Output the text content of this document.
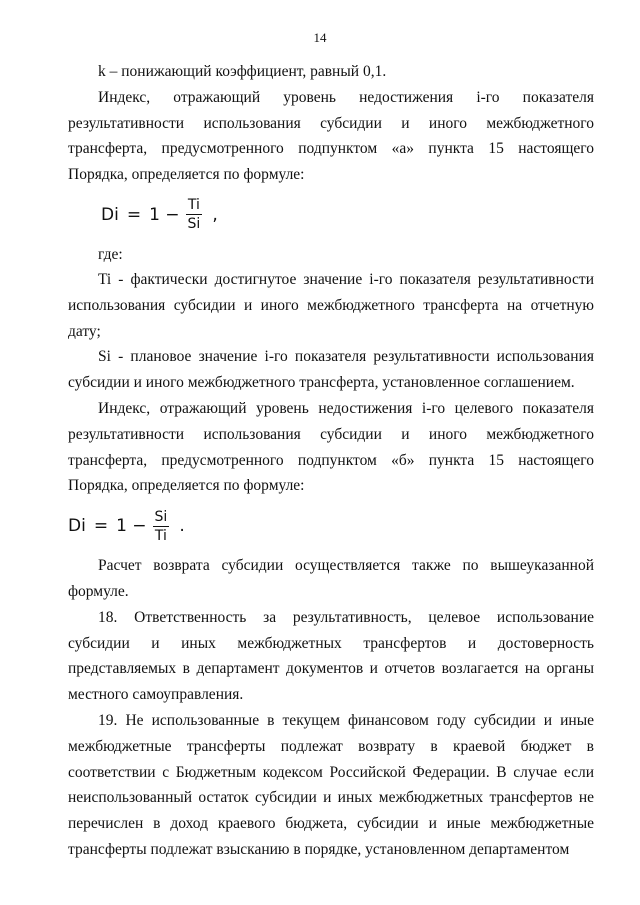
14

k – понижающий коэффициент, равный 0,1.

Индекс, отражающий уровень недостижения i-го показателя результативности использования субсидии и иного межбюджетного трансферта, предусмотренного подпунктом «а» пункта 15 настоящего Порядка, определяется по формуле:

$Di = 1 - \frac{Ti}{Si}$ ,
где:

Ti - фактически достигнутое значение i-го показателя результативности использования субсидии и иного межбюджетного трансферта на отчетную дату;

Si - плановое значение i-го показателя результативности использования субсидии и иного межбюджетного трансферта, установленное соглашением.

Индекс, отражающий уровень недостижения i-го целевого показателя результативности использования субсидии и иного межбюджетного трансферта, предусмотренного подпунктом «б» пункта 15 настоящего Порядка, определяется по формуле:

$Di = 1 - \frac{Si}{Ti}$ .

Расчет возврата субсидии осуществляется также по вышеуказанной формуле.

18. Ответственность за результативность, целевое использование субсидии и иных межбюджетных трансфертов и достоверность представляемых в департамент документов и отчетов возлагается на органы местного самоуправления.

19. Не использованные в текущем финансовом году субсидии и иные межбюджетные трансферты подлежат возврату в краевой бюджет в соответствии с Бюджетным кодексом Российской Федерации. В случае если неиспользованный остаток субсидии и иных межбюджетных трансфертов не перечислен в доход краевого бюджета, субсидии и иные межбюджетные трансферты подлежат взысканию в порядке, установленном департаментом
